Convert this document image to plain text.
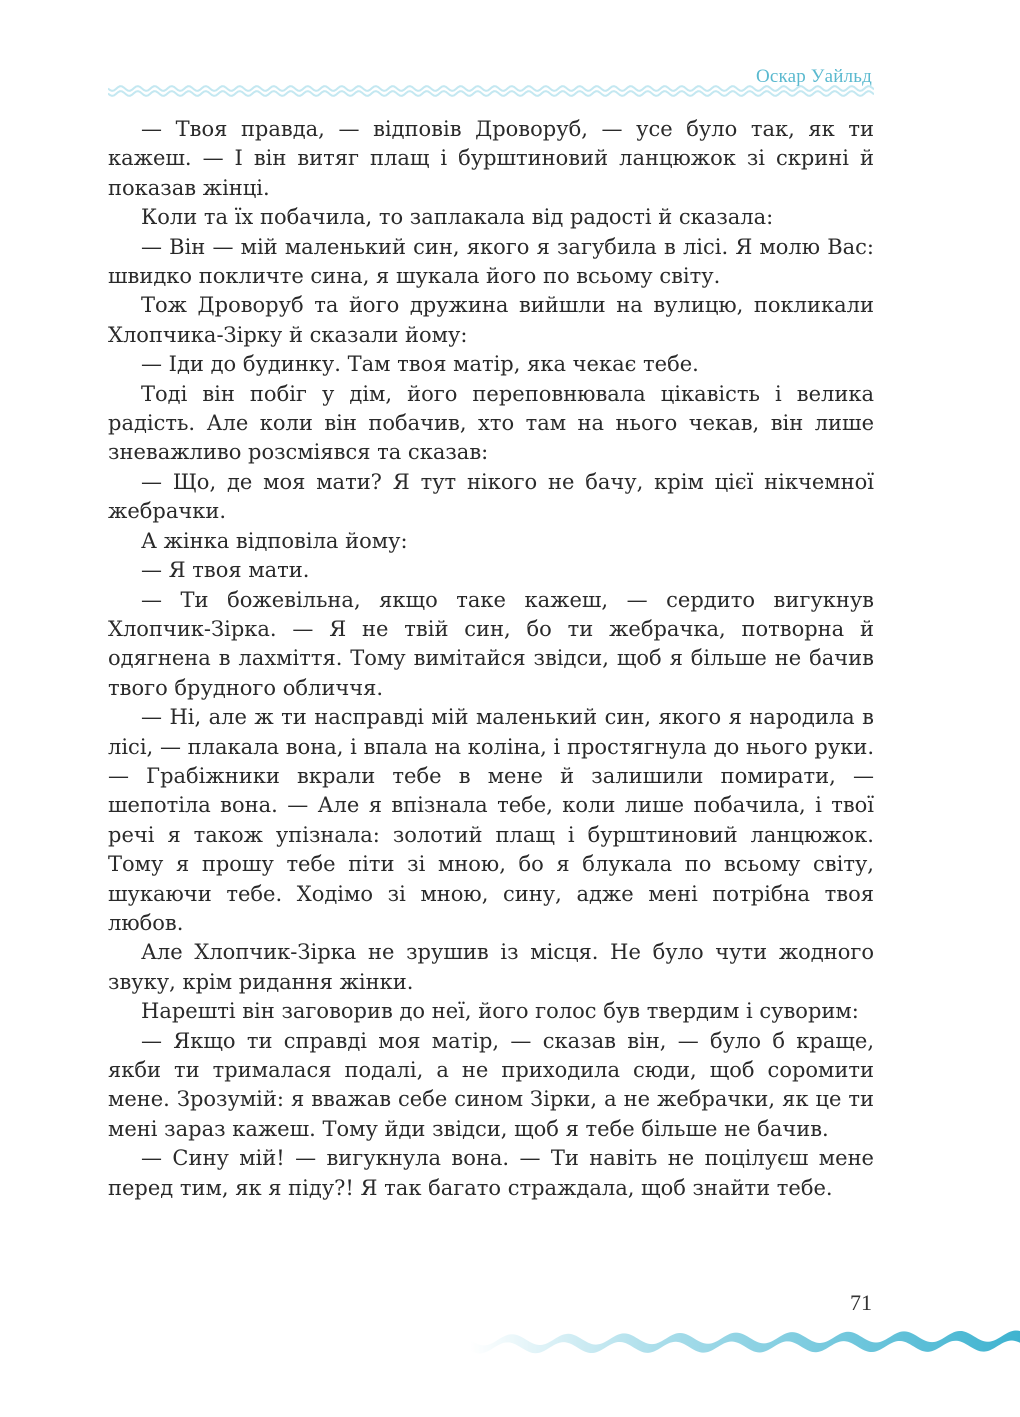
Оскар Уайльд

— Твоя правда, — відповів Дроворуб, — усе було так, як ти кажеш. — І він витяг плащ і бурштиновий ланцюжок зі скрині й показав жінці.

Коли та їх побачила, то заплакала від радості й сказала:

— Він — мій маленький син, якого я загубила в лісі. Я молю Вас: швидко покличте сина, я шукала його по всьому світу.

Тож Дроворуб та його дружина вийшли на вулицю, покликали Хлопчика-Зірку й сказали йому:

— Іди до будинку. Там твоя матір, яка чекає тебе.

Тоді він побіг у дім, його переповнювала цікавість і велика радість. Але коли він побачив, хто там на нього чекав, він лише зневажливо розсміявся та сказав:

— Що, де моя мати? Я тут нікого не бачу, крім цієї нікчемної жебрачки.

А жінка відповіла йому:

— Я твоя мати.

— Ти божевільна, якщо таке кажеш, — сердито вигукнув Хлопчик-Зірка. — Я не твій син, бо ти жебрачка, потворна й одягнена в лахміття. Тому вимітайся звідси, щоб я більше не бачив твого брудного обличчя.

— Ні, але ж ти насправді мій маленький син, якого я народила в лісі, — плакала вона, і впала на коліна, і простягнула до нього руки. — Грабіжники вкрали тебе в мене й залишили помирати, — шепотіла вона. — Але я впізнала тебе, коли лише побачила, і твої речі я також упізнала: золотий плащ і бурштиновий ланцюжок. Тому я прошу тебе піти зі мною, бо я блукала по всьому світу, шукаючи тебе. Ходімо зі мною, сину, адже мені потрібна твоя любов.

Але Хлопчик-Зірка не зрушив із місця. Не було чути жодного звуку, крім ридання жінки.

Нарешті він заговорив до неї, його голос був твердим і суворим:

— Якщо ти справді моя матір, — сказав він, — було б краще, якби ти трималася подалі, а не приходила сюди, щоб соромити мене. Зрозумій: я вважав себе сином Зірки, а не жебрачки, як це ти мені зараз кажеш. Тому йди звідси, щоб я тебе більше не бачив.

— Сину мій! — вигукнула вона. — Ти навіть не поцілуєш мене перед тим, як я піду?! Я так багато страждала, щоб знайти тебе.

71
